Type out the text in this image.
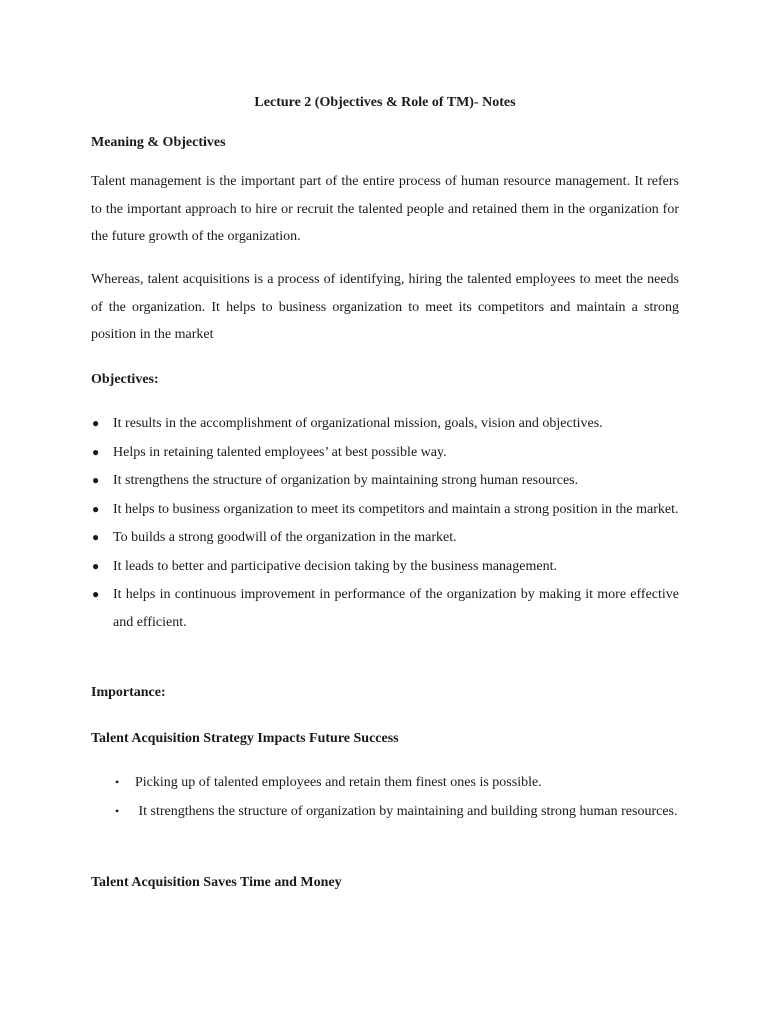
Lecture 2 (Objectives & Role of TM)- Notes
Meaning & Objectives
Talent management is the important part of the entire process of human resource management. It refers to the important approach to hire or recruit the talented people and retained them in the organization for the future growth of the organization.
Whereas, talent acquisitions is a process of identifying, hiring the talented employees to meet the needs of the organization. It helps to business organization to meet its competitors and maintain a strong position in the market
Objectives:
● It results in the accomplishment of organizational mission, goals, vision and objectives.
● Helps in retaining talented employees’ at best possible way.
● It strengthens the structure of organization by maintaining strong human resources.
● It helps to business organization to meet its competitors and maintain a strong position in the market.
● To builds a strong goodwill of the organization in the market.
● It leads to better and participative decision taking by the business management.
● It helps in continuous improvement in performance of the organization by making it more effective and efficient.
Importance:
Talent Acquisition Strategy Impacts Future Success
• Picking up of talented employees and retain them finest ones is possible.
• It strengthens the structure of organization by maintaining and building strong human resources.
Talent Acquisition Saves Time and Money
